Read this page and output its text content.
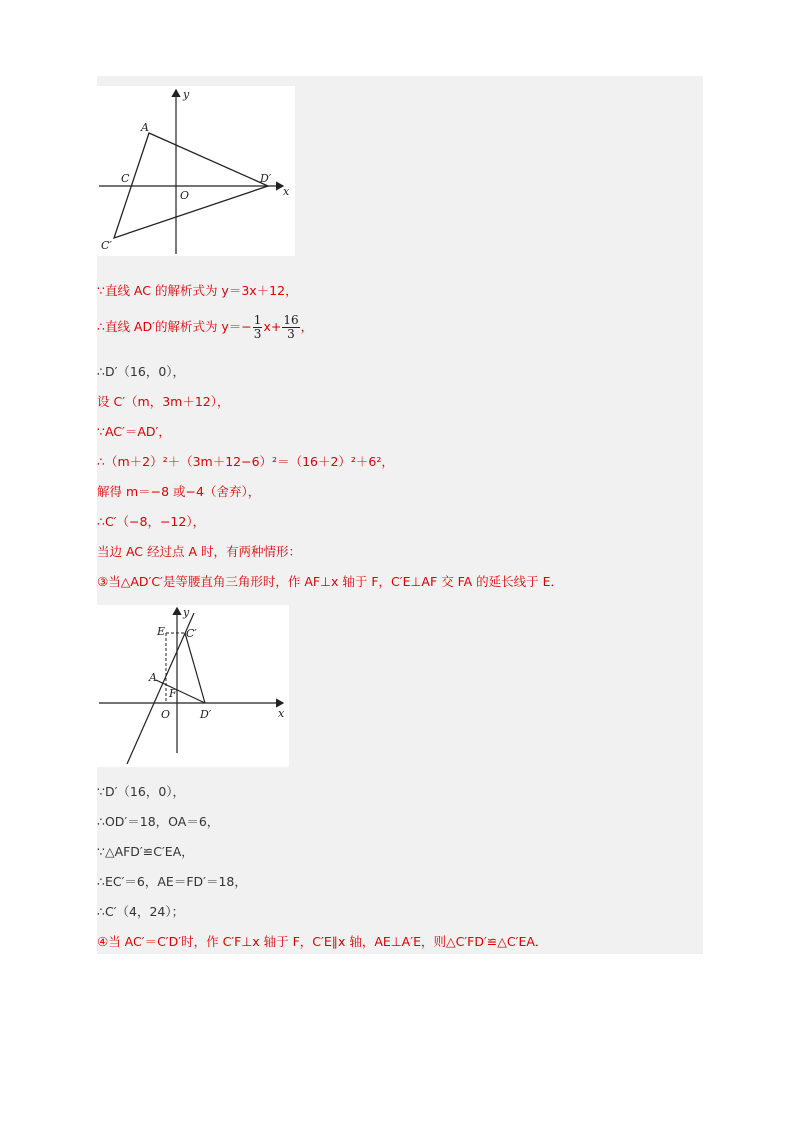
y
x
A
C
O
D′
C′
∵直线 AC 的解析式为 y＝3x＋12，
∴直线 AD′的解析式为 $y=- \frac{1}{3} x+ \frac{16}{3}$ ，
∴D′（16，0），
设 C′（m，3m＋12），
∵AC′＝AD′，
∴（m＋2）²＋（3m＋12−6）²＝（16＋2）²＋6²，
解得 m＝−8 或−4（舍弃），
∴C′（−8，−12），
当边 AC 经过点 A 时，有两种情形：
③当△AD′C′是等腰直角三角形时，作 AF⊥x 轴于 F，C′E⊥AF 交 FA 的延长线于 E．
y
x
E C′
A
F
O	D′
∵D′（16，0），
∴OD′＝18，OA＝6，
∵△AFD′≌C′EA，
∴EC′＝6，AE＝FD′＝18，
∴C′（4，24）；
④当 AC′＝C′D′时，作 C′F⊥x 轴于 F，C′E∥x 轴，AE⊥A′E，则△C′FD′≌△C′EA．
